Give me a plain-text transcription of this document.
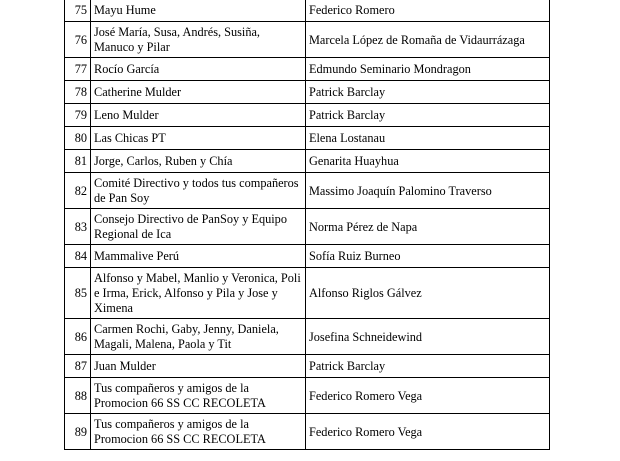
75	Mayu Hume	Federico Romero
76	José María, Susa, Andrés, Susiña, Manuco y Pilar	Marcela López de Romaña de Vidaurrázaga
77	Rocío García	Edmundo Seminario Mondragon
78	Catherine Mulder	Patrick Barclay
79	Leno Mulder	Patrick Barclay
80	Las Chicas PT	Elena Lostanau
81	Jorge, Carlos, Ruben y Chía	Genarita Huayhua
82	Comité Directivo y todos tus compañeros de Pan Soy	Massimo Joaquín Palomino Traverso
83	Consejo Directivo de PanSoy y Equipo Regional de Ica	Norma Pérez de Napa
84	Mammalive Perú	Sofía Ruiz Burneo
85	Alfonso y Mabel, Manlio y Veronica, Poli e Irma, Erick, Alfonso y Pila y Jose y Ximena	Alfonso Riglos Gálvez
86	Carmen Rochi, Gaby, Jenny, Daniela, Magali, Malena, Paola y Tit	Josefina Schneidewind
87	Juan Mulder	Patrick Barclay
88	Tus compañeros y amigos de la Promocion 66 SS CC RECOLETA	Federico Romero Vega
89	Tus compañeros y amigos de la Promocion 66 SS CC RECOLETA	Federico Romero Vega
